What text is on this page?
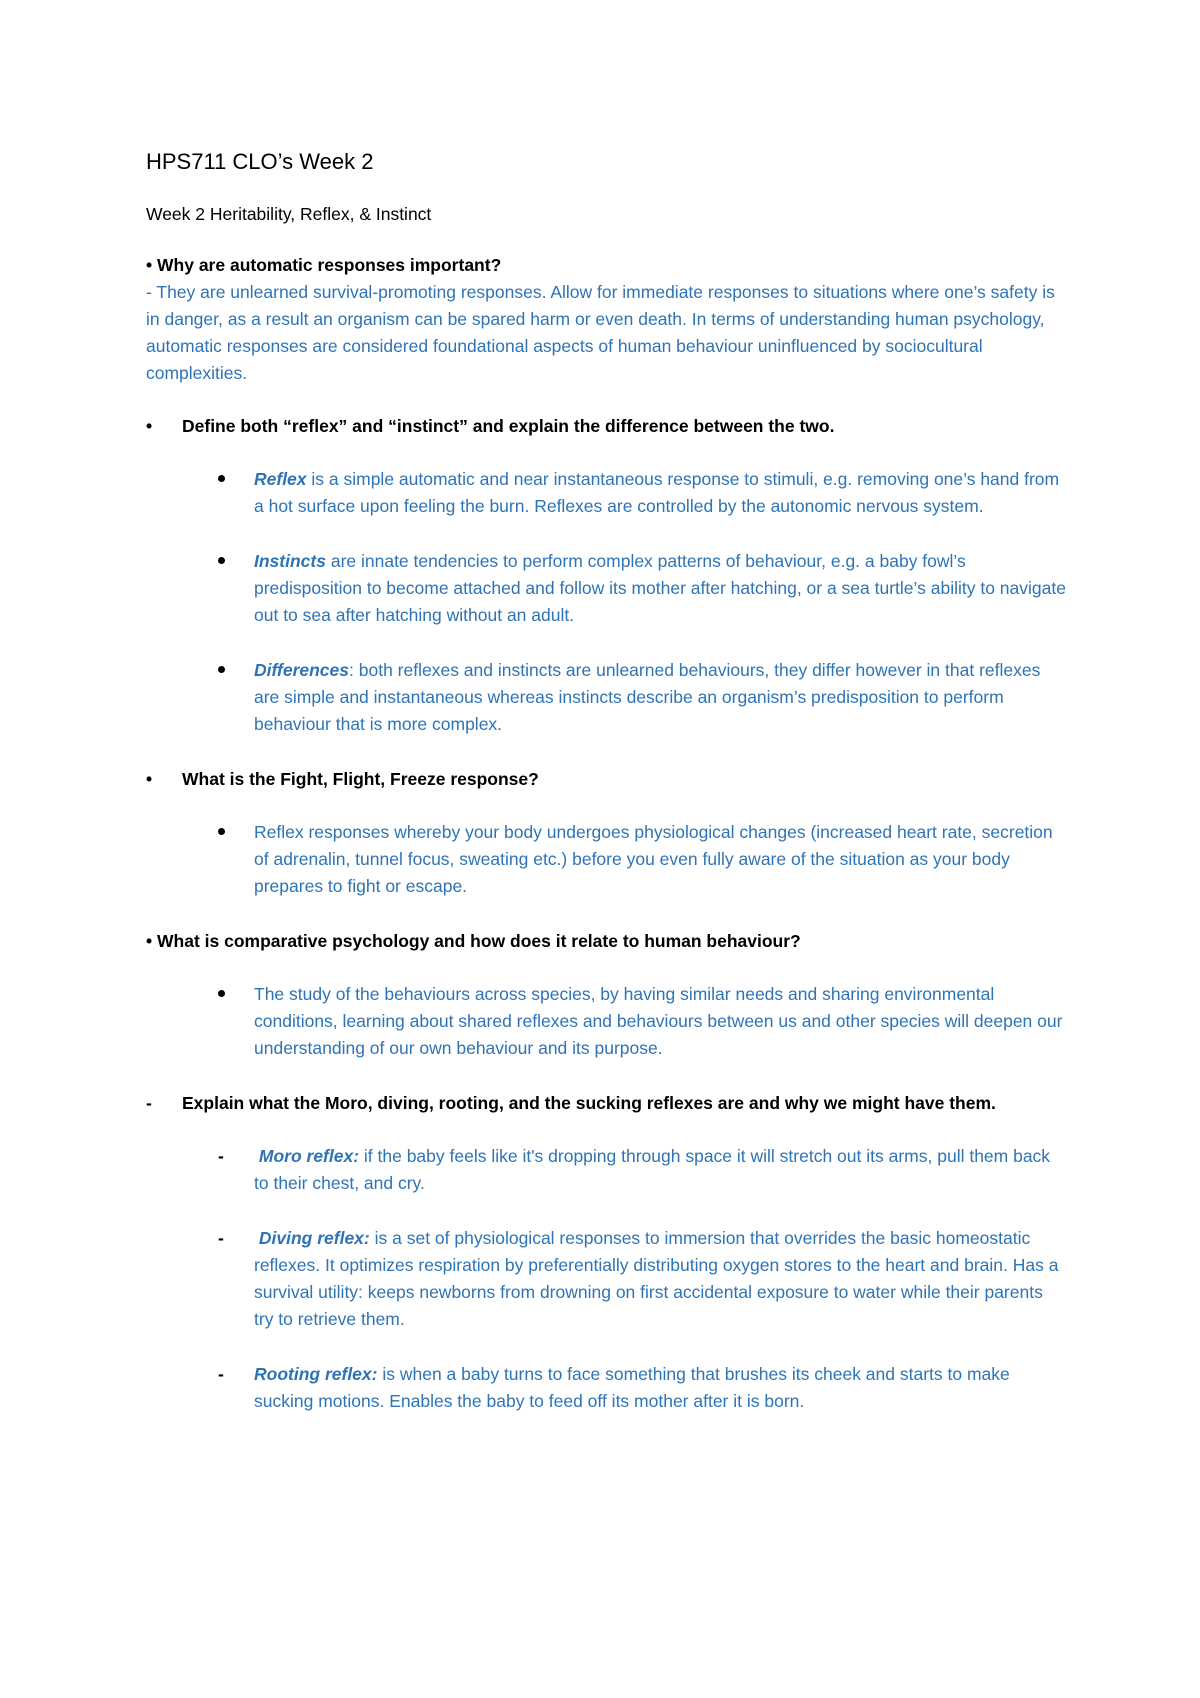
HPS711 CLO’s Week 2

Week 2 Heritability, Reflex, & Instinct

• Why are automatic responses important?

- They are unlearned survival-promoting responses. Allow for immediate responses to situations where one’s safety is in danger, as a result an organism can be spared harm or even death. In terms of understanding human psychology, automatic responses are considered foundational aspects of human behaviour uninfluenced by sociocultural complexities.

• Define both “reflex” and “instinct” and explain the difference between the two.
Reflex is a simple automatic and near instantaneous response to stimuli, e.g. removing one’s hand from a hot surface upon feeling the burn. Reflexes are controlled by the autonomic nervous system.
Instincts are innate tendencies to perform complex patterns of behaviour, e.g. a baby fowl’s predisposition to become attached and follow its mother after hatching, or a sea turtle’s ability to navigate out to sea after hatching without an adult.
Differences: both reflexes and instincts are unlearned behaviours, they differ however in that reflexes are simple and instantaneous whereas instincts describe an organism’s predisposition to perform behaviour that is more complex.
• What is the Fight, Flight, Freeze response?
Reflex responses whereby your body undergoes physiological changes (increased heart rate, secretion of adrenalin, tunnel focus, sweating etc.) before you even fully aware of the situation as your body prepares to fight or escape.

• What is comparative psychology and how does it relate to human behaviour?

The study of the behaviours across species, by having similar needs and sharing environmental conditions, learning about shared reflexes and behaviours between us and other species will deepen our understanding of our own behaviour and its purpose.
- Explain what the Moro, diving, rooting, and the sucking reflexes are and why we might have them.
- Moro reflex: if the baby feels like it's dropping through space it will stretch out its arms, pull them back to their chest, and cry.
- Diving reflex: is a set of physiological responses to immersion that overrides the basic homeostatic reflexes. It optimizes respiration by preferentially distributing oxygen stores to the heart and brain. Has a survival utility: keeps newborns from drowning on first accidental exposure to water while their parents try to retrieve them.
- Rooting reflex: is when a baby turns to face something that brushes its cheek and starts to make sucking motions. Enables the baby to feed off its mother after it is born.
